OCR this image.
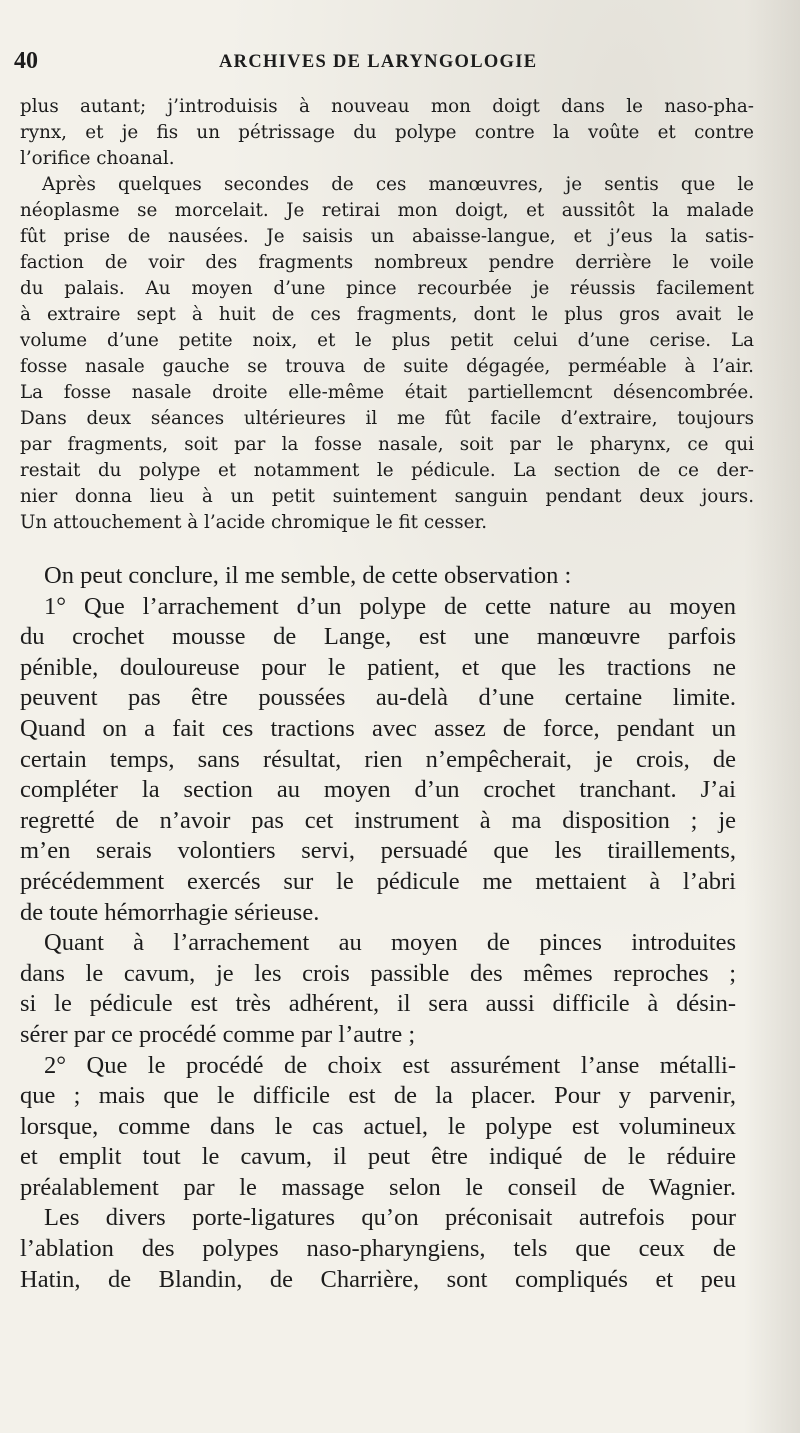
40	ARCHIVES DE LARYNGOLOGIE
plus autant; j’introduisis à nouveau mon doigt dans le naso-pha-
rynx, et je fis un pétrissage du polype contre la voûte et contre
l’orifice choanal.
Après quelques secondes de ces manœuvres, je sentis que le
néoplasme se morcelait. Je retirai mon doigt, et aussitôt la malade
fût prise de nausées. Je saisis un abaisse-langue, et j’eus la satis-
faction de voir des fragments nombreux pendre derrière le voile
du palais. Au moyen d’une pince recourbée je réussis facilement
à extraire sept à huit de ces fragments, dont le plus gros avait le
volume d’une petite noix, et le plus petit celui d’une cerise. La
fosse nasale gauche se trouva de suite dégagée, perméable à l’air.
La fosse nasale droite elle-même était partiellemcnt désencombrée.
Dans deux séances ultérieures il me fût facile d’extraire, toujours
par fragments, soit par la fosse nasale, soit par le pharynx, ce qui
restait du polype et notamment le pédicule. La section de ce der-
nier donna lieu à un petit suintement sanguin pendant deux jours.
Un attouchement à l’acide chromique le fit cesser.
On peut conclure, il me semble, de cette observation :
1° Que l’arrachement d’un polype de cette nature au moyen
du crochet mousse de Lange, est une manœuvre parfois
pénible, douloureuse pour le patient, et que les tractions ne
peuvent pas être poussées au-delà d’une certaine limite.
Quand on a fait ces tractions avec assez de force, pendant un
certain temps, sans résultat, rien n’empêcherait, je crois, de
compléter la section au moyen d’un crochet tranchant. J’ai
regretté de n’avoir pas cet instrument à ma disposition ; je
m’en serais volontiers servi, persuadé que les tiraillements,
précédemment exercés sur le pédicule me mettaient à l’abri
de toute hémorrhagie sérieuse.
Quant à l’arrachement au moyen de pinces introduites
dans le cavum, je les crois passible des mêmes reproches ;
si le pédicule est très adhérent, il sera aussi difficile à désin-
sérer par ce procédé comme par l’autre ;
2° Que le procédé de choix est assurément l’anse métalli-
que ; mais que le difficile est de la placer. Pour y parvenir,
lorsque, comme dans le cas actuel, le polype est volumineux
et emplit tout le cavum, il peut être indiqué de le réduire
préalablement par le massage selon le conseil de Wagnier.
Les divers porte-ligatures qu’on préconisait autrefois pour
l’ablation des polypes naso-pharyngiens, tels que ceux de
Hatin, de Blandin, de Charrière, sont compliqués et peu
